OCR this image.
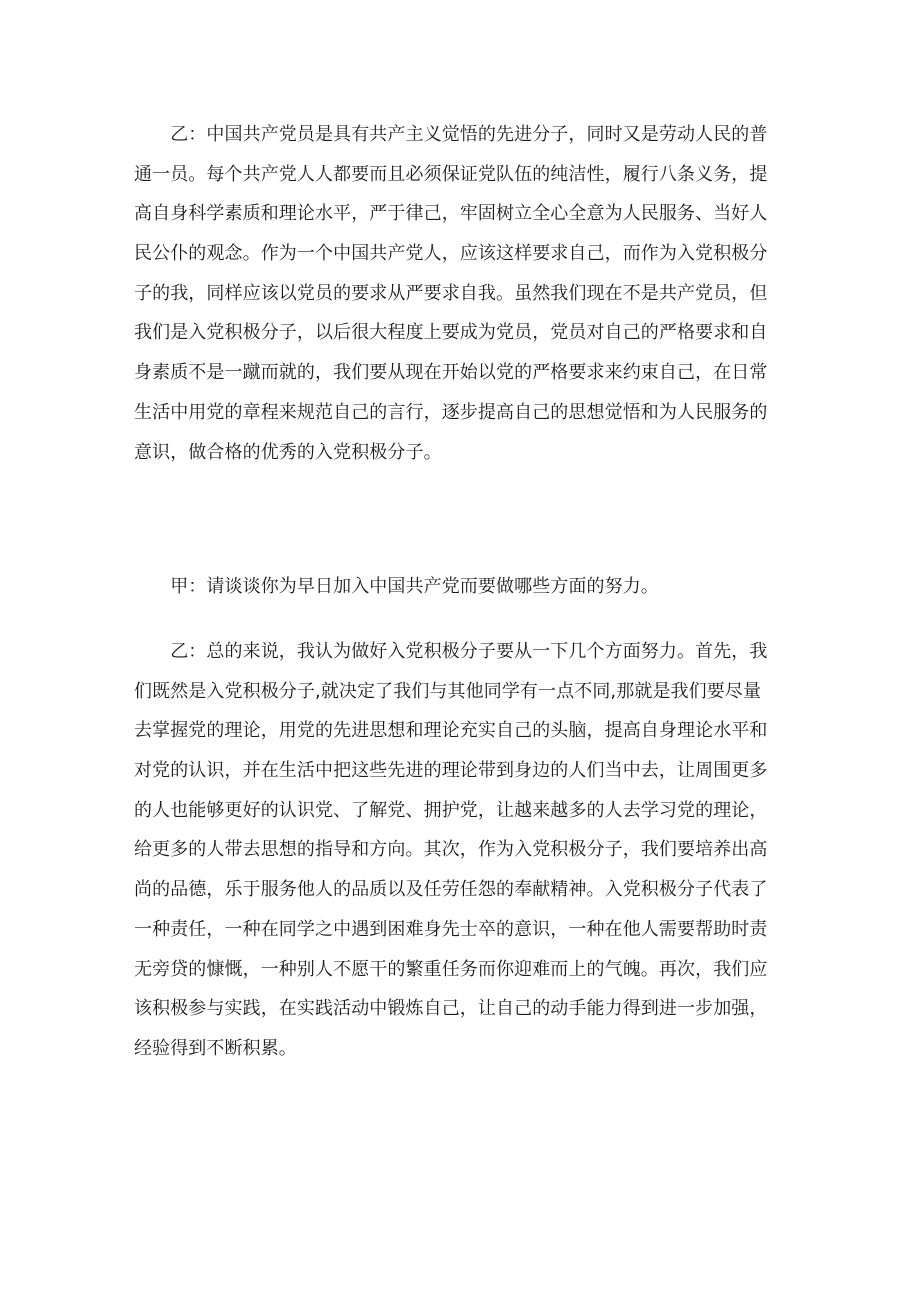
　　乙：中国共产党员是具有共产主义觉悟的先进分子，同时又是劳动人民的普
通一员。每个共产党人人都要而且必须保证党队伍的纯洁性，履行八条义务，提
高自身科学素质和理论水平，严于律己，牢固树立全心全意为人民服务、当好人
民公仆的观念。作为一个中国共产党人，应该这样要求自己，而作为入党积极分
子的我，同样应该以党员的要求从严要求自我。虽然我们现在不是共产党员，但
我们是入党积极分子，以后很大程度上要成为党员，党员对自己的严格要求和自
身素质不是一蹴而就的，我们要从现在开始以党的严格要求来约束自己，在日常
生活中用党的章程来规范自己的言行，逐步提高自己的思想觉悟和为人民服务的
意识，做合格的优秀的入党积极分子。
　　甲：请谈谈你为早日加入中国共产党而要做哪些方面的努力。
　　乙：总的来说，我认为做好入党积极分子要从一下几个方面努力。首先，我
们既然是入党积极分子,就决定了我们与其他同学有一点不同,那就是我们要尽量
去掌握党的理论，用党的先进思想和理论充实自己的头脑，提高自身理论水平和
对党的认识，并在生活中把这些先进的理论带到身边的人们当中去，让周围更多
的人也能够更好的认识党、了解党、拥护党，让越来越多的人去学习党的理论，
给更多的人带去思想的指导和方向。其次，作为入党积极分子，我们要培养出高
尚的品德，乐于服务他人的品质以及任劳任怨的奉献精神。入党积极分子代表了
一种责任，一种在同学之中遇到困难身先士卒的意识，一种在他人需要帮助时责
无旁贷的慷慨，一种别人不愿干的繁重任务而你迎难而上的气魄。再次，我们应
该积极参与实践，在实践活动中锻炼自己，让自己的动手能力得到进一步加强，
经验得到不断积累。
